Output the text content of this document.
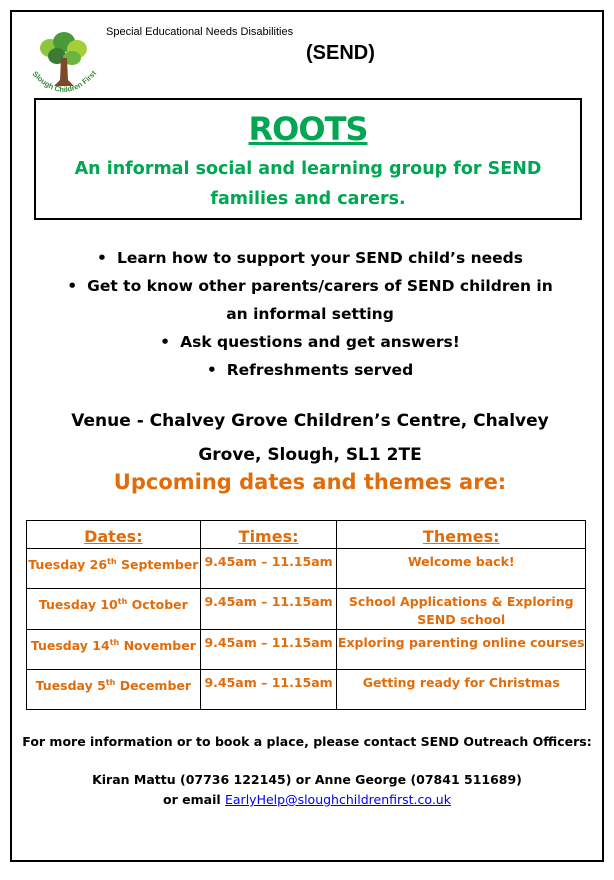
Slough Children First
Special Educational Needs Disabilities
(SEND)
ROOTS
An informal social and learning group for SEND families and carers.
• Learn how to support your SEND child’s needs
• Get to know other parents/carers of SEND children in an informal setting
• Ask questions and get answers!
• Refreshments served
Venue - Chalvey Grove Children’s Centre, Chalvey Grove, Slough, SL1 2TE
Upcoming dates and themes are:
Dates:	Times:	Themes:
Tuesday 26th September	9.45am – 11.15am	Welcome back!
Tuesday 10th October	9.45am – 11.15am	School Applications & Exploring SEND school
Tuesday 14th November	9.45am – 11.15am	Exploring parenting online courses
Tuesday 5th December	9.45am – 11.15am	Getting ready for Christmas
For more information or to book a place, please contact SEND Outreach Officers:
Kiran Mattu (07736 122145) or Anne George (07841 511689)
or email EarlyHelp@sloughchildrenfirst.co.uk
